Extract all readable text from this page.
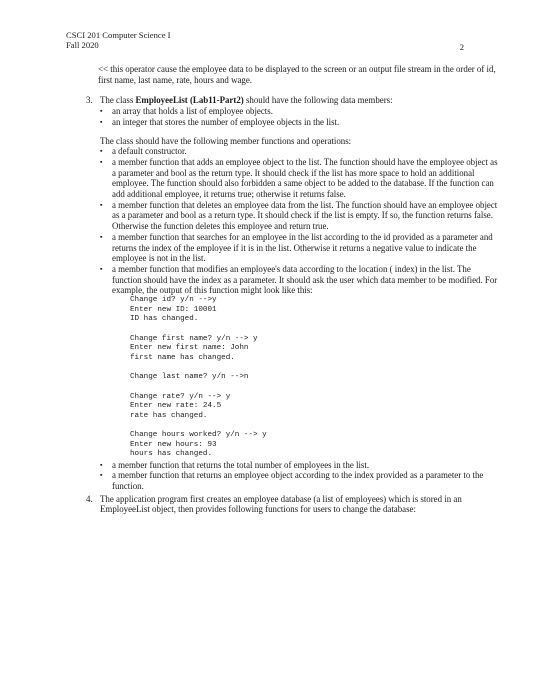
CSCI 201 Computer Science I
Fall 2020	2

<< this operator cause the employee data to be displayed to the screen or an output file stream in the order of id, first name, last name, rate, hours and wage.

3. The class EmployeeList (Lab11-Part2) should have the following data members:

▪ an array that holds a list of employee objects.
▪ an integer that stores the number of employee objects in the list.

The class should have the following member functions and operations:

▪ a default constructor.
▪ a member function that adds an employee object to the list. The function should have the employee object as a parameter and bool as the return type. It should check if the list has more space to hold an additional employee. The function should also forbidden a same object to be added to the database. If the function can add additional employee, it returns true; otherwise it returns false.
▪ a member function that deletes an employee data from the list. The function should have an employee object as a parameter and bool as a return type. It should check if the list is empty. If so, the function returns false. Otherwise the function deletes this employee and return true.
▪ a member function that searches for an employee in the list according to the id provided as a parameter and returns the index of the employee if it is in the list. Otherwise it returns a negative value to indicate the employee is not in the list.
▪ a member function that modifies an employee's data according to the location ( index) in the list. The function should have the index as a parameter. It should ask the user which data member to be modified. For example, the output of this function might look like this:
Change id? y/n -->y
Enter new ID: 10001
ID has changed.
Change first name? y/n --> y
Enter new first name: John
first name has changed.
Change last name? y/n -->n
Change rate? y/n --> y
Enter new rate: 24.5
rate has changed.
Change hours worked? y/n --> y
Enter new hours: 93
hours has changed.
▪ a member function that returns the total number of employees in the list.
▪ a member function that returns an employee object according to the index provided as a parameter to the function.
4. The application program first creates an employee database (a list of employees) which is stored in an EmployeeList object, then provides following functions for users to change the database:
